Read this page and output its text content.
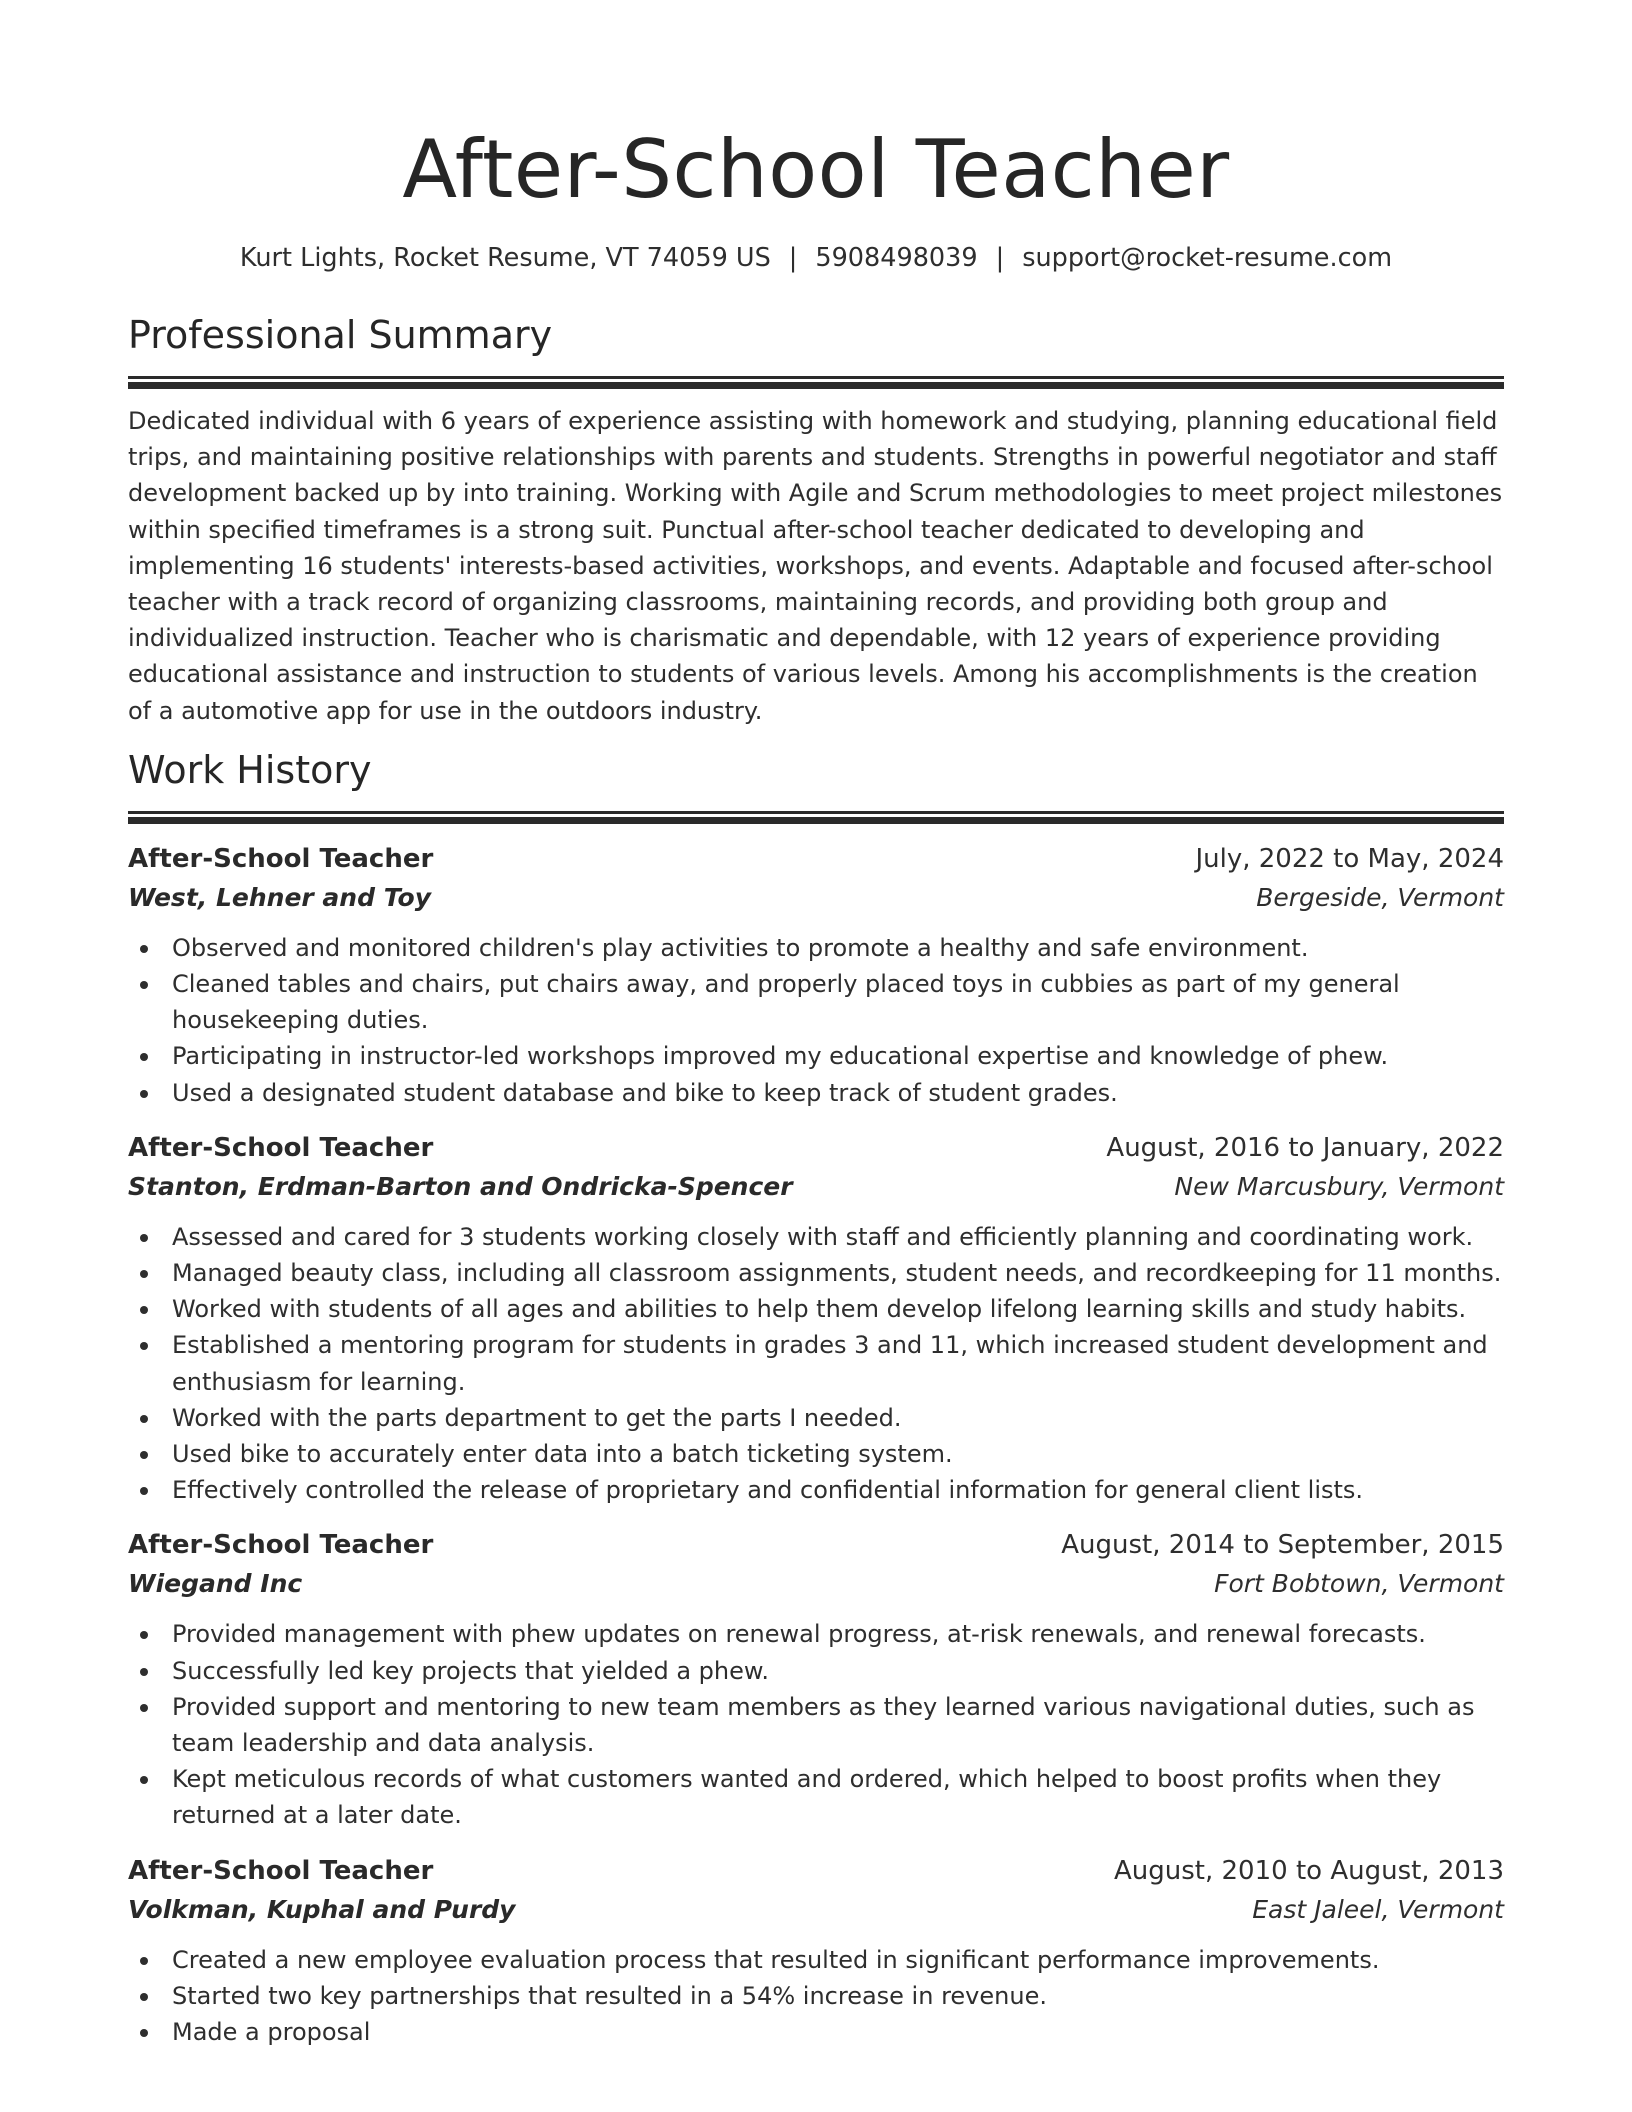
After-School Teacher
Kurt Lights, Rocket Resume, VT 74059 US | 5908498039 | support@rocket-resume.com
Professional Summary
Dedicated individual with 6 years of experience assisting with homework and studying, planning educational field trips, and maintaining positive relationships with parents and students. Strengths in powerful negotiator and staff development backed up by into training. Working with Agile and Scrum methodologies to meet project milestones within specified timeframes is a strong suit. Punctual after-school teacher dedicated to developing and implementing 16 students' interests-based activities, workshops, and events. Adaptable and focused after-school teacher with a track record of organizing classrooms, maintaining records, and providing both group and individualized instruction. Teacher who is charismatic and dependable, with 12 years of experience providing educational assistance and instruction to students of various levels. Among his accomplishments is the creation of a automotive app for use in the outdoors industry.
Work History
After-School Teacher	July, 2022 to May, 2024
West, Lehner and Toy	Bergeside, Vermont
Observed and monitored children's play activities to promote a healthy and safe environment.
Cleaned tables and chairs, put chairs away, and properly placed toys in cubbies as part of my general housekeeping duties.
Participating in instructor-led workshops improved my educational expertise and knowledge of phew.
Used a designated student database and bike to keep track of student grades.
After-School Teacher	August, 2016 to January, 2022
Stanton, Erdman-Barton and Ondricka-Spencer	New Marcusbury, Vermont
Assessed and cared for 3 students working closely with staff and efficiently planning and coordinating work.
Managed beauty class, including all classroom assignments, student needs, and recordkeeping for 11 months.
Worked with students of all ages and abilities to help them develop lifelong learning skills and study habits.
Established a mentoring program for students in grades 3 and 11, which increased student development and enthusiasm for learning.
Worked with the parts department to get the parts I needed.
Used bike to accurately enter data into a batch ticketing system.
Effectively controlled the release of proprietary and confidential information for general client lists.
After-School Teacher	August, 2014 to September, 2015
Wiegand Inc	Fort Bobtown, Vermont
Provided management with phew updates on renewal progress, at-risk renewals, and renewal forecasts.
Successfully led key projects that yielded a phew.
Provided support and mentoring to new team members as they learned various navigational duties, such as team leadership and data analysis.
Kept meticulous records of what customers wanted and ordered, which helped to boost profits when they returned at a later date.
After-School Teacher	August, 2010 to August, 2013
Volkman, Kuphal and Purdy	East Jaleel, Vermont
Created a new employee evaluation process that resulted in significant performance improvements.
Started two key partnerships that resulted in a 54% increase in revenue.
Made a proposal
